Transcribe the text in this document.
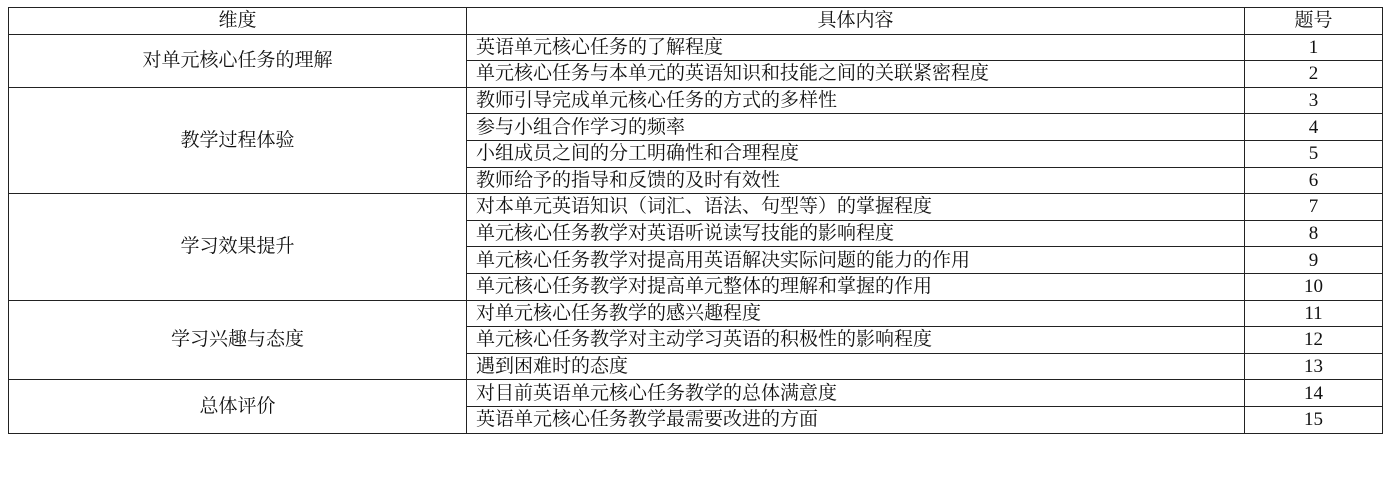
维度	具体内容	题号
对单元核心任务的理解	英语单元核心任务的了解程度	1
	单元核心任务与本单元的英语知识和技能之间的关联紧密程度	2
教学过程体验	教师引导完成单元核心任务的方式的多样性	3
	参与小组合作学习的频率	4
	小组成员之间的分工明确性和合理程度	5
	教师给予的指导和反馈的及时有效性	6
学习效果提升	对本单元英语知识（词汇、语法、句型等）的掌握程度	7
	单元核心任务教学对英语听说读写技能的影响程度	8
	单元核心任务教学对提高用英语解决实际问题的能力的作用	9
	单元核心任务教学对提高单元整体的理解和掌握的作用	10
学习兴趣与态度	对单元核心任务教学的感兴趣程度	11
	单元核心任务教学对主动学习英语的积极性的影响程度	12
	遇到困难时的态度	13
总体评价	对目前英语单元核心任务教学的总体满意度	14
	英语单元核心任务教学最需要改进的方面	15
